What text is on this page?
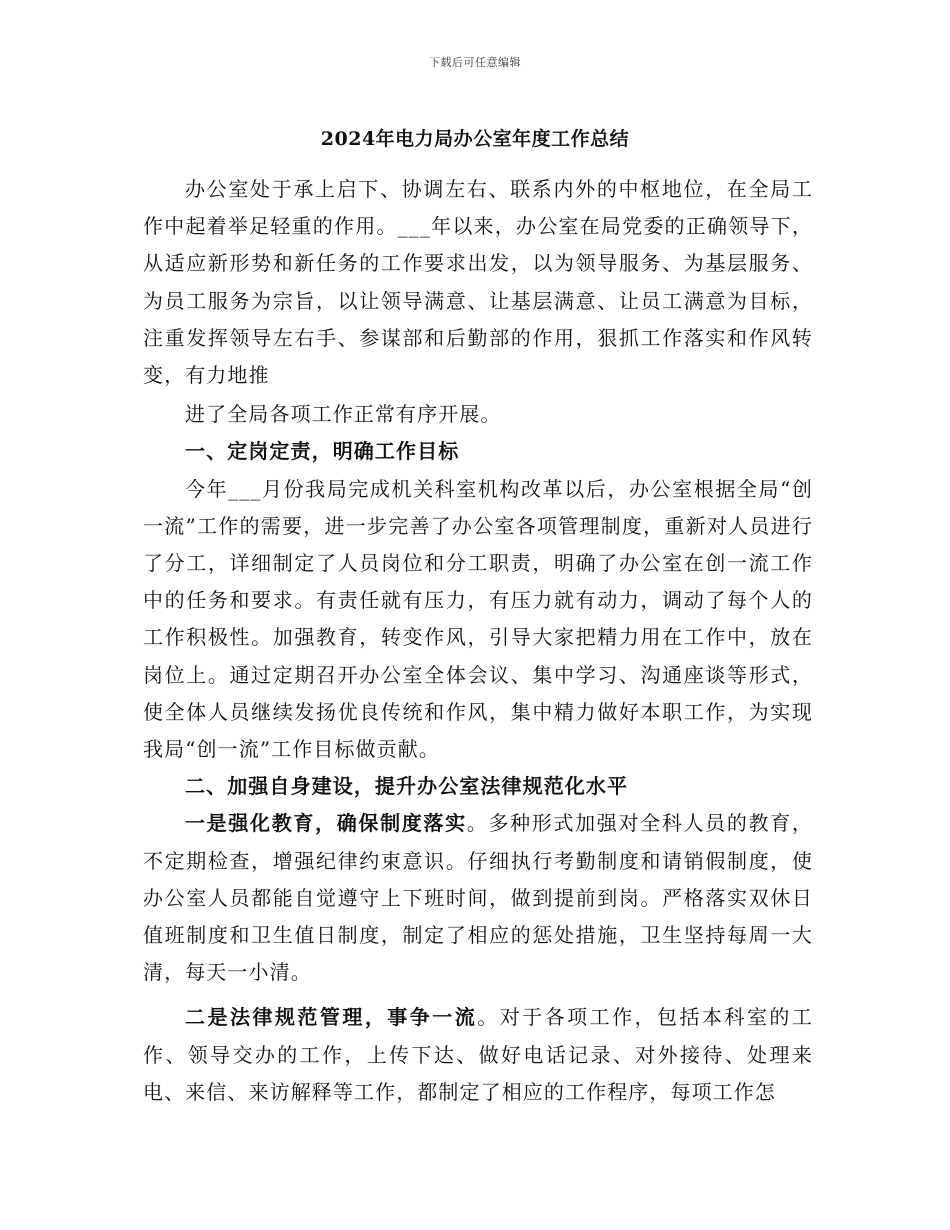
下载后可任意编辑
2024年电力局办公室年度工作总结

办公室处于承上启下、协调左右、联系内外的中枢地位，在全局工作中起着举足轻重的作用。___年以来，办公室在局党委的正确领导下，从适应新形势和新任务的工作要求出发，以为领导服务、为基层服务、为员工服务为宗旨，以让领导满意、让基层满意、让员工满意为目标，注重发挥领导左右手、参谋部和后勤部的作用，狠抓工作落实和作风转变，有力地推

进了全局各项工作正常有序开展。

一、定岗定责，明确工作目标

今年___月份我局完成机关科室机构改革以后，办公室根据全局“创一流”工作的需要，进一步完善了办公室各项管理制度，重新对人员进行了分工，详细制定了人员岗位和分工职责，明确了办公室在创一流工作中的任务和要求。有责任就有压力，有压力就有动力，调动了每个人的工作积极性。加强教育，转变作风，引导大家把精力用在工作中，放在岗位上。通过定期召开办公室全体会议、集中学习、沟通座谈等形式，使全体人员继续发扬优良传统和作风，集中精力做好本职工作，为实现我局“创一流”工作目标做贡献。

二、加强自身建设，提升办公室法律规范化水平

一是强化教育，确保制度落实。多种形式加强对全科人员的教育，不定期检查，增强纪律约束意识。仔细执行考勤制度和请销假制度，使办公室人员都能自觉遵守上下班时间，做到提前到岗。严格落实双休日值班制度和卫生值日制度，制定了相应的惩处措施，卫生坚持每周一大清，每天一小清。

二是法律规范管理，事争一流。对于各项工作，包括本科室的工作、领导交办的工作，上传下达、做好电话记录、对外接待、处理来电、来信、来访解释等工作，都制定了相应的工作程序，每项工作怎
